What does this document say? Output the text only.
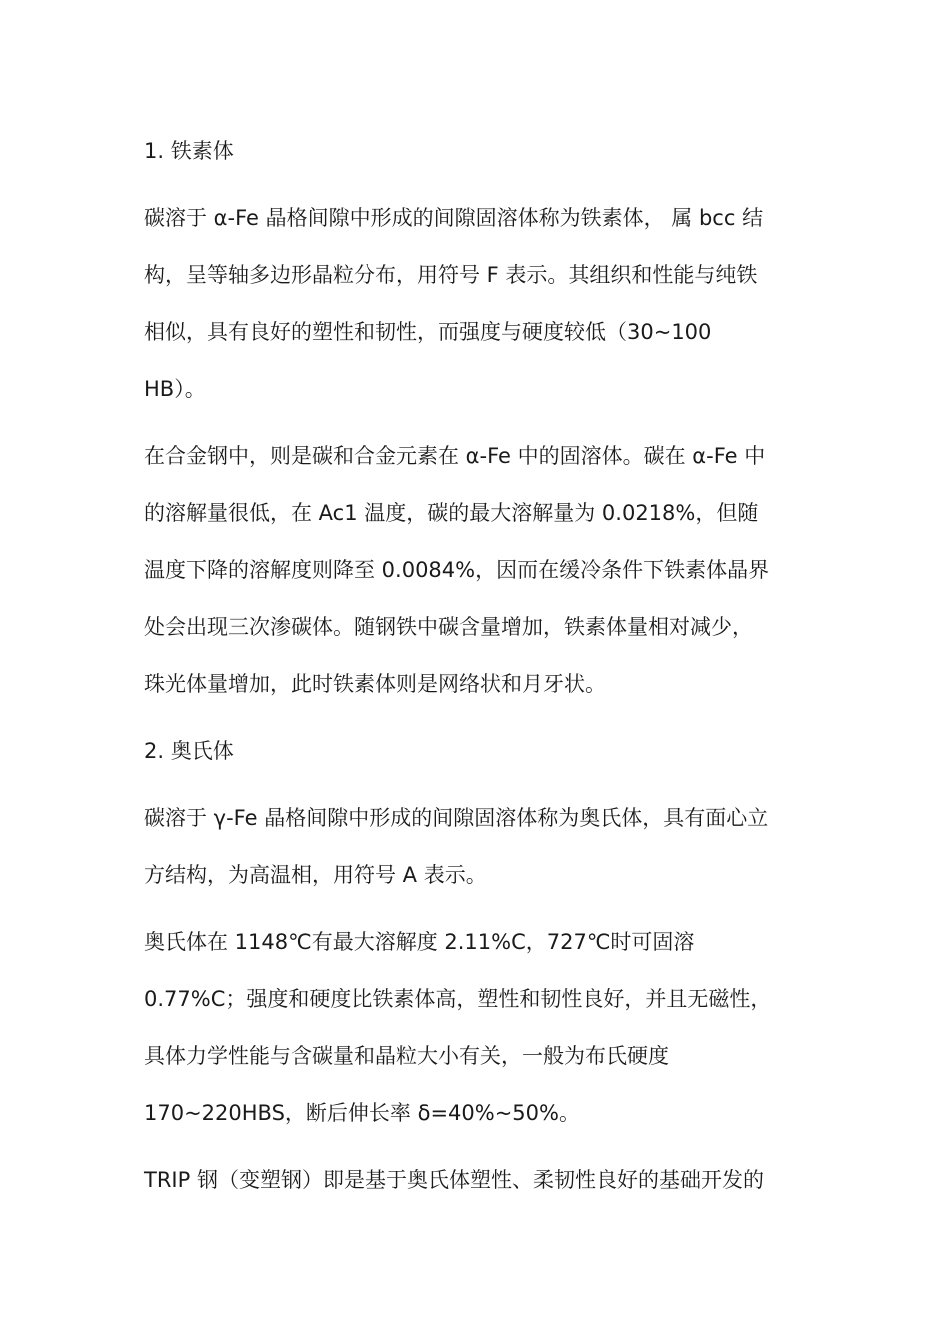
1. 铁素体
碳溶于 α-Fe 晶格间隙中形成的间隙固溶体称为铁素体， 属 bcc 结
构，呈等轴多边形晶粒分布，用符号 F 表示。其组织和性能与纯铁
相似，具有良好的塑性和韧性，而强度与硬度较低（30~100
HB）。
在合金钢中，则是碳和合金元素在 α-Fe 中的固溶体。碳在 α-Fe 中
的溶解量很低，在 Ac1 温度，碳的最大溶解量为 0.0218%，但随
温度下降的溶解度则降至 0.0084%，因而在缓冷条件下铁素体晶界
处会出现三次渗碳体。随钢铁中碳含量增加，铁素体量相对减少，
珠光体量增加，此时铁素体则是网络状和月牙状。
2. 奥氏体
碳溶于 γ-Fe 晶格间隙中形成的间隙固溶体称为奥氏体，具有面心立
方结构，为高温相，用符号 A 表示。
奥氏体在 1148℃有最大溶解度 2.11%C，727℃时可固溶
0.77%C；强度和硬度比铁素体高，塑性和韧性良好，并且无磁性，
具体力学性能与含碳量和晶粒大小有关，一般为布氏硬度
170~220HBS，断后伸长率 δ=40%~50%。
TRIP 钢（变塑钢）即是基于奥氏体塑性、柔韧性良好的基础开发的
